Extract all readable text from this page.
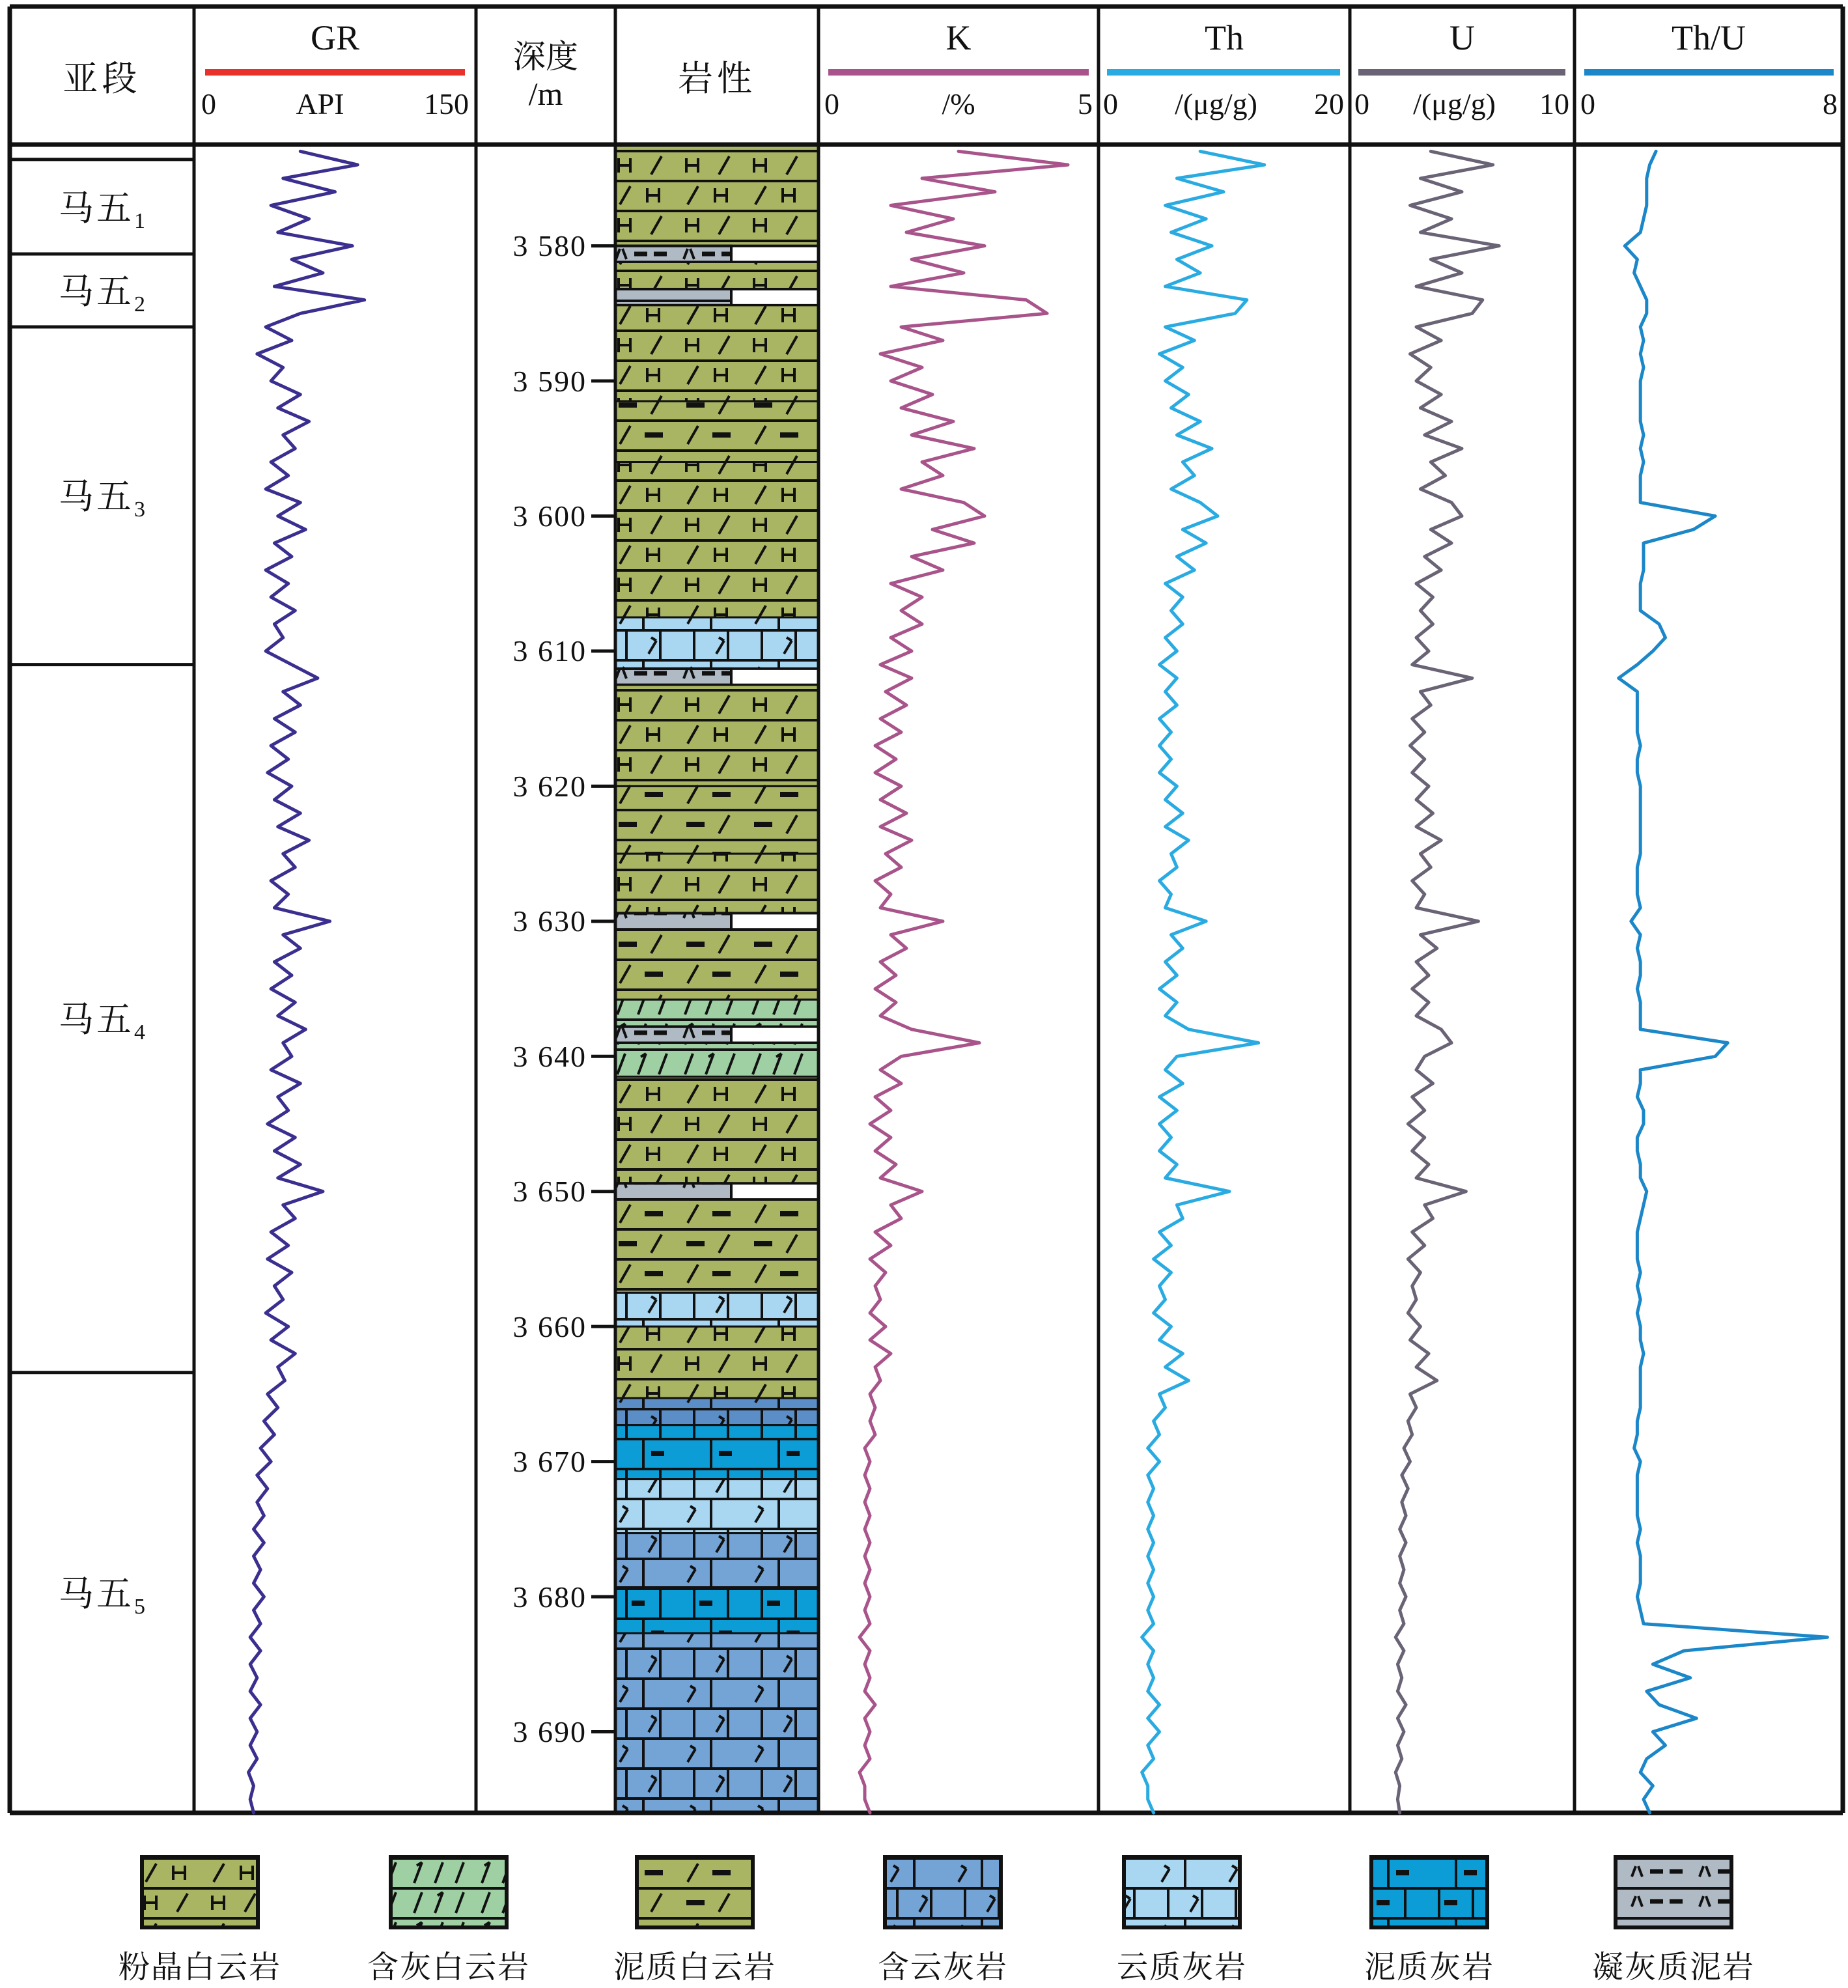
亚段
深度
/m	岩性
马五$_1$
马五$_2$
马五$_3$
马五$_4$
马五$_5$
3 580
3 590
3 600
3 610
3 620
3 630
3 640
3 650
3 660
3 670
3 680
3 690
GR
0	API	150
K
0	/%	5
Th
0 /(μg/g) 20
U
0 /(μg/g) 10
Th/U
0	8
粉晶白云岩	含灰白云岩	泥质白云岩	含云灰岩	云质灰岩	泥质灰岩	凝灰质泥岩
